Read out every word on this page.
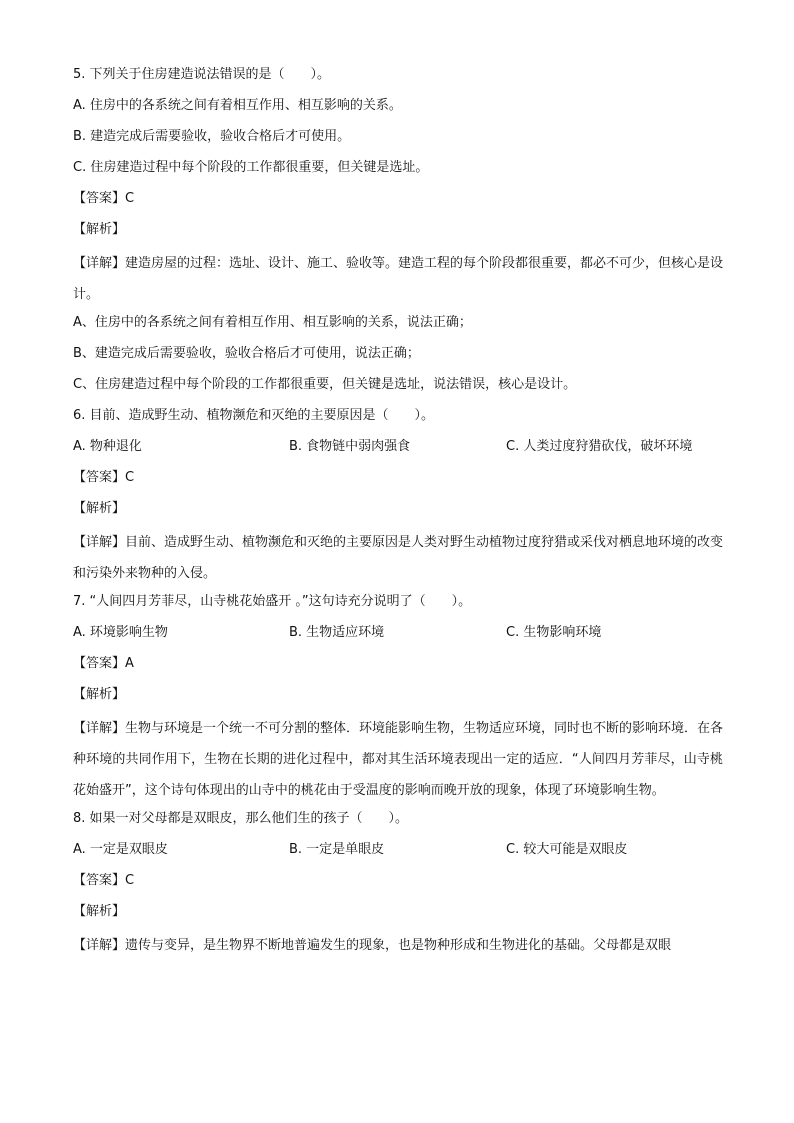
5. 下列关于住房建造说法错误的是（　　）。
A. 住房中的各系统之间有着相互作用、相互影响的关系。
B. 建造完成后需要验收，验收合格后才可使用。
C. 住房建造过程中每个阶段的工作都很重要，但关键是选址。
【答案】C
【解析】
【详解】建造房屋的过程：选址、设计、施工、验收等。建造工程的每个阶段都很重要，都必不可少，但核心是设计。
A、住房中的各系统之间有着相互作用、相互影响的关系，说法正确；
B、建造完成后需要验收，验收合格后才可使用，说法正确；
C、住房建造过程中每个阶段的工作都很重要，但关键是选址，说法错误，核心是设计。
6. 目前、造成野生动、植物濒危和灭绝的主要原因是（　　）。
A. 物种退化	B. 食物链中弱肉强食	C. 人类过度狩猎砍伐，破坏环境
【答案】C
【解析】
【详解】目前、造成野生动、植物濒危和灭绝的主要原因是人类对野生动植物过度狩猎或采伐对栖息地环境的改变和污染外来物种的入侵。
7. “人间四月芳菲尽，山寺桃花始盛开 。”这句诗充分说明了（　　）。
A. 环境影响生物	B. 生物适应环境	C. 生物影响环境
【答案】A
【解析】
【详解】生物与环境是一个统一不可分割的整体．环境能影响生物，生物适应环境，同时也不断的影响环境．在各种环境的共同作用下，生物在长期的进化过程中，都对其生活环境表现出一定的适应．“人间四月芳菲尽，山寺桃花始盛开”，这个诗句体现出的山寺中的桃花由于受温度的影响而晚开放的现象，体现了环境影响生物。
8. 如果一对父母都是双眼皮，那么他们生的孩子（　　）。
A. 一定是双眼皮	B. 一定是单眼皮	C. 较大可能是双眼皮
【答案】C
【解析】
【详解】遗传与变异，是生物界不断地普遍发生的现象，也是物种形成和生物进化的基础。父母都是双眼
